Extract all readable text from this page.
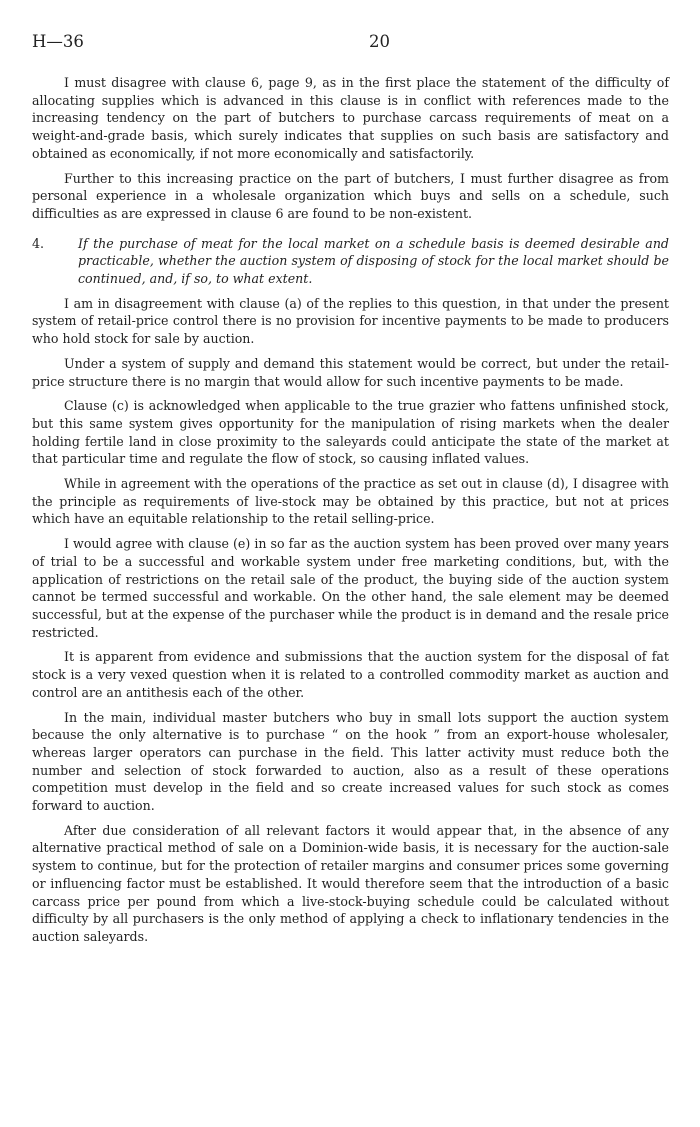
H—36	20

I must disagree with clause 6, page 9, as in the first place the statement of the difficulty of allocating supplies which is advanced in this clause is in conflict with references made to the increasing tendency on the part of butchers to purchase carcass requirements of meat on a weight-and-grade basis, which surely indicates that supplies on such basis are satisfactory and obtained as economically, if not more economically and satisfactorily.

Further to this increasing practice on the part of butchers, I must further disagree as from personal experience in a wholesale organization which buys and sells on a schedule, such difficulties as are expressed in clause 6 are found to be non-existent.

4.	If the purchase of meat for the local market on a schedule basis is deemed desirable and practicable, whether the auction system of disposing of stock for the local market should be continued, and, if so, to what extent.

I am in disagreement with clause (a) of the replies to this question, in that under the present system of retail-price control there is no provision for incentive payments to be made to producers who hold stock for sale by auction.

Under a system of supply and demand this statement would be correct, but under the retail-price structure there is no margin that would allow for such incentive payments to be made.

Clause (c) is acknowledged when applicable to the true grazier who fattens unfinished stock, but this same system gives opportunity for the manipulation of rising markets when the dealer holding fertile land in close proximity to the saleyards could anticipate the state of the market at that particular time and regulate the flow of stock, so causing inflated values.

While in agreement with the operations of the practice as set out in clause (d), I disagree with the principle as requirements of live-stock may be obtained by this practice, but not at prices which have an equitable relationship to the retail selling-price.

I would agree with clause (e) in so far as the auction system has been proved over many years of trial to be a successful and workable system under free marketing conditions, but, with the application of restrictions on the retail sale of the product, the buying side of the auction system cannot be termed successful and workable. On the other hand, the sale element may be deemed successful, but at the expense of the purchaser while the product is in demand and the resale price restricted.

It is apparent from evidence and submissions that the auction system for the disposal of fat stock is a very vexed question when it is related to a controlled commodity market as auction and control are an antithesis each of the other.

In the main, individual master butchers who buy in small lots support the auction system because the only alternative is to purchase “ on the hook ” from an export-house wholesaler, whereas larger operators can purchase in the field. This latter activity must reduce both the number and selection of stock forwarded to auction, also as a result of these operations competition must develop in the field and so create increased values for such stock as comes forward to auction.

After due consideration of all relevant factors it would appear that, in the absence of any alternative practical method of sale on a Dominion-wide basis, it is necessary for the auction-sale system to continue, but for the protection of retailer margins and consumer prices some governing or influencing factor must be established. It would therefore seem that the introduction of a basic carcass price per pound from which a live-stock-buying schedule could be calculated without difficulty by all purchasers is the only method of applying a check to inflationary tendencies in the auction saleyards.
